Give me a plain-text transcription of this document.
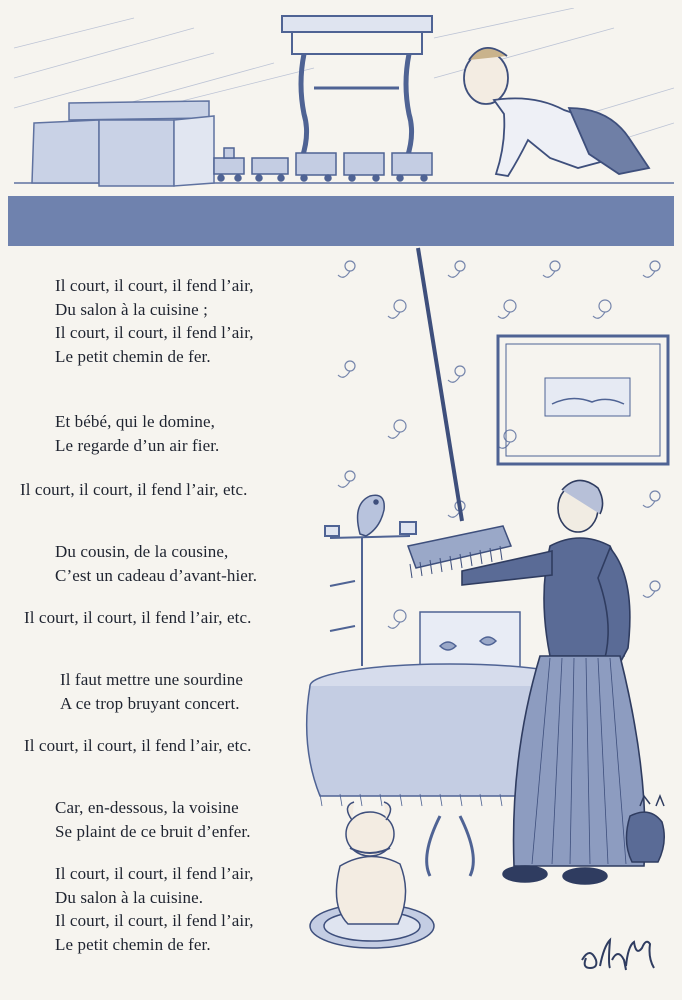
Il court, il court, il fend l’air,
Du salon à la cuisine ;
Il court, il court, il fend l’air,
Le petit chemin de fer.
Et bébé, qui le domine,
Le regarde d’un air fier.
Il court, il court, il fend l’air, etc.
Du cousin, de la cousine,
C’est un cadeau d’avant-hier.
Il court, il court, il fend l’air, etc.
Il faut mettre une sourdine
A ce trop bruyant concert.
Il court, il court, il fend l’air, etc.
Car, en-dessous, la voisine
Se plaint de ce bruit d’enfer.
Il court, il court, il fend l’air,
Du salon à la cuisine.
Il court, il court, il fend l’air,
Le petit chemin de fer.
